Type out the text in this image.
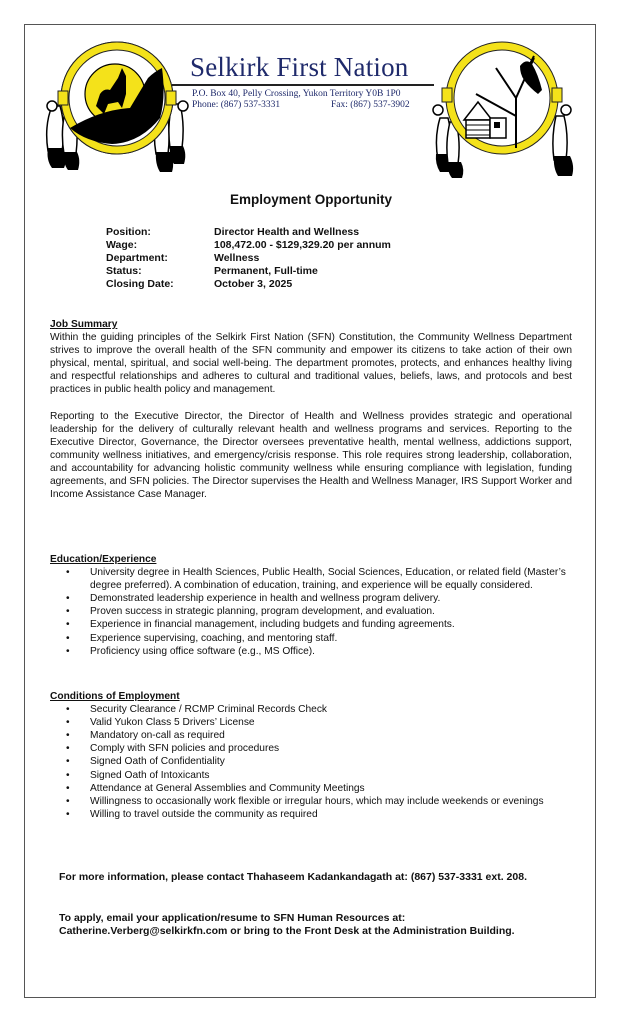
Selkirk First Nation
P.O. Box 40, Pelly Crossing, Yukon Territory Y0B 1P0
Phone: (867) 537-3331	Fax: (867) 537-3902
Employment Opportunity
Position:	Director Health and Wellness
Wage:	108,472.00 - $129,329.20 per annum
Department:	Wellness
Status:	Permanent, Full-time
Closing Date:	October 3, 2025
Job Summary
Within the guiding principles of the Selkirk First Nation (SFN) Constitution, the Community Wellness Department strives to improve the overall health of the SFN community and empower its citizens to take action of their own physical, mental, spiritual, and social well-being. The department promotes, protects, and enhances healthy living and respectful relationships and adheres to cultural and traditional values, beliefs, laws, and protocols and best practices in public health policy and management.
Reporting to the Executive Director, the Director of Health and Wellness provides strategic and operational leadership for the delivery of culturally relevant health and wellness programs and services. Reporting to the Executive Director, Governance, the Director oversees preventative health, mental wellness, addictions support, community wellness initiatives, and emergency/crisis response. This role requires strong leadership, collaboration, and accountability for advancing holistic community wellness while ensuring compliance with legislation, funding agreements, and SFN policies. The Director supervises the Health and Wellness Manager, IRS Support Worker and Income Assistance Case Manager.
Education/Experience
• University degree in Health Sciences, Public Health, Social Sciences, Education, or related field (Master’s degree preferred). A combination of education, training, and experience will be equally considered.
• Demonstrated leadership experience in health and wellness program delivery.
• Proven success in strategic planning, program development, and evaluation.
• Experience in financial management, including budgets and funding agreements.
• Experience supervising, coaching, and mentoring staff.
• Proficiency using office software (e.g., MS Office).
Conditions of Employment
• Security Clearance / RCMP Criminal Records Check
• Valid Yukon Class 5 Drivers’ License
• Mandatory on-call as required
• Comply with SFN policies and procedures
• Signed Oath of Confidentiality
• Signed Oath of Intoxicants
• Attendance at General Assemblies and Community Meetings
• Willingness to occasionally work flexible or irregular hours, which may include weekends or evenings
• Willing to travel outside the community as required
For more information, please contact Thahaseem Kadankandagath at: (867) 537-3331 ext. 208.
To apply, email your application/resume to SFN Human Resources at:
Catherine.Verberg@selkirkfn.com or bring to the Front Desk at the Administration Building.
